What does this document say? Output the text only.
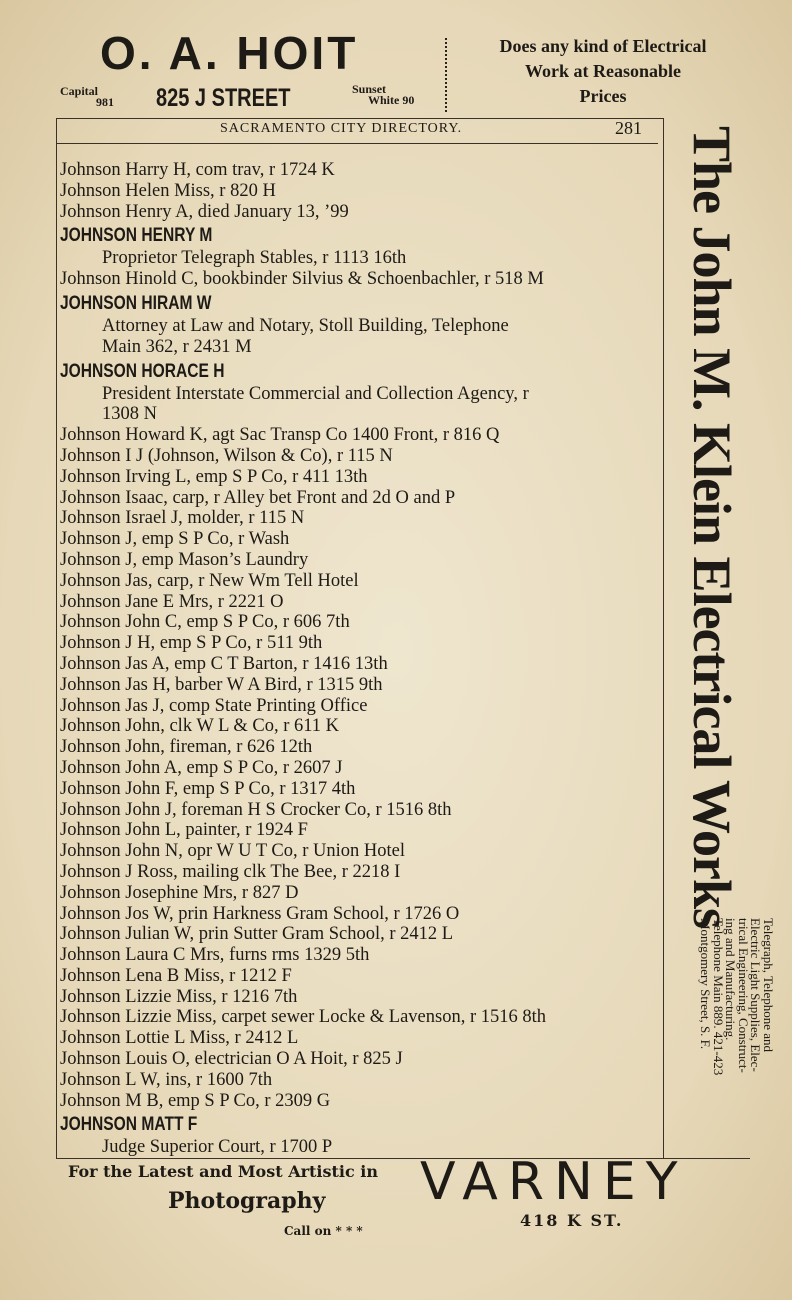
O. A. HOIT
Capital
981 825 J STREET	Sunset
White 90
Does any kind of Electrical
Work at Reasonable
Prices
SACRAMENTO CITY DIRECTORY.	281
Johnson Harry H, com trav, r 1724 K
Johnson Helen Miss, r 820 H
Johnson Henry A, died January 13, ’99
JOHNSON HENRY M
Proprietor Telegraph Stables, r 1113 16th
Johnson Hinold C, bookbinder Silvius & Schoenbachler, r 518 M
JOHNSON HIRAM W
Attorney at Law and Notary, Stoll Building, Telephone
Main 362, r 2431 M
JOHNSON HORACE H
President Interstate Commercial and Collection Agency, r
1308 N
Johnson Howard K, agt Sac Transp Co 1400 Front, r 816 Q
Johnson I J (Johnson, Wilson & Co), r 115 N
Johnson Irving L, emp S P Co, r 411 13th
Johnson Isaac, carp, r Alley bet Front and 2d O and P
Johnson Israel J, molder, r 115 N
Johnson J, emp S P Co, r Wash
Johnson J, emp Mason’s Laundry
Johnson Jas, carp, r New Wm Tell Hotel
Johnson Jane E Mrs, r 2221 O
Johnson John C, emp S P Co, r 606 7th
Johnson J H, emp S P Co, r 511 9th
Johnson Jas A, emp C T Barton, r 1416 13th
Johnson Jas H, barber W A Bird, r 1315 9th
Johnson Jas J, comp State Printing Office
Johnson John, clk W L & Co, r 611 K
Johnson John, fireman, r 626 12th
Johnson John A, emp S P Co, r 2607 J
Johnson John F, emp S P Co, r 1317 4th
Johnson John J, foreman H S Crocker Co, r 1516 8th
Johnson John L, painter, r 1924 F
Johnson John N, opr W U T Co, r Union Hotel
Johnson J Ross, mailing clk The Bee, r 2218 I
Johnson Josephine Mrs, r 827 D
Johnson Jos W, prin Harkness Gram School, r 1726 O
Johnson Julian W, prin Sutter Gram School, r 2412 L
Johnson Laura C Mrs, furns rms 1329 5th
Johnson Lena B Miss, r 1212 F
Johnson Lizzie Miss, r 1216 7th
Johnson Lizzie Miss, carpet sewer Locke & Lavenson, r 1516 8th
Johnson Lottie L Miss, r 2412 L
Johnson Louis O, electrician O A Hoit, r 825 J
Johnson L W, ins, r 1600 7th
Johnson M B, emp S P Co, r 2309 G
JOHNSON MATT F
Judge Superior Court, r 1700 P
The John M. Klein Electrical Works
Telegraph, Telephone and
Electric Light Supplies, Elec-
trical Engineering, Construct-
ing and Manufacturing.
Telephone Main 889. 421-423
Montgomery Street, S. F.
For the Latest and Most Artistic in
Photography
Call on * * *
VARNEY
418 K ST.
